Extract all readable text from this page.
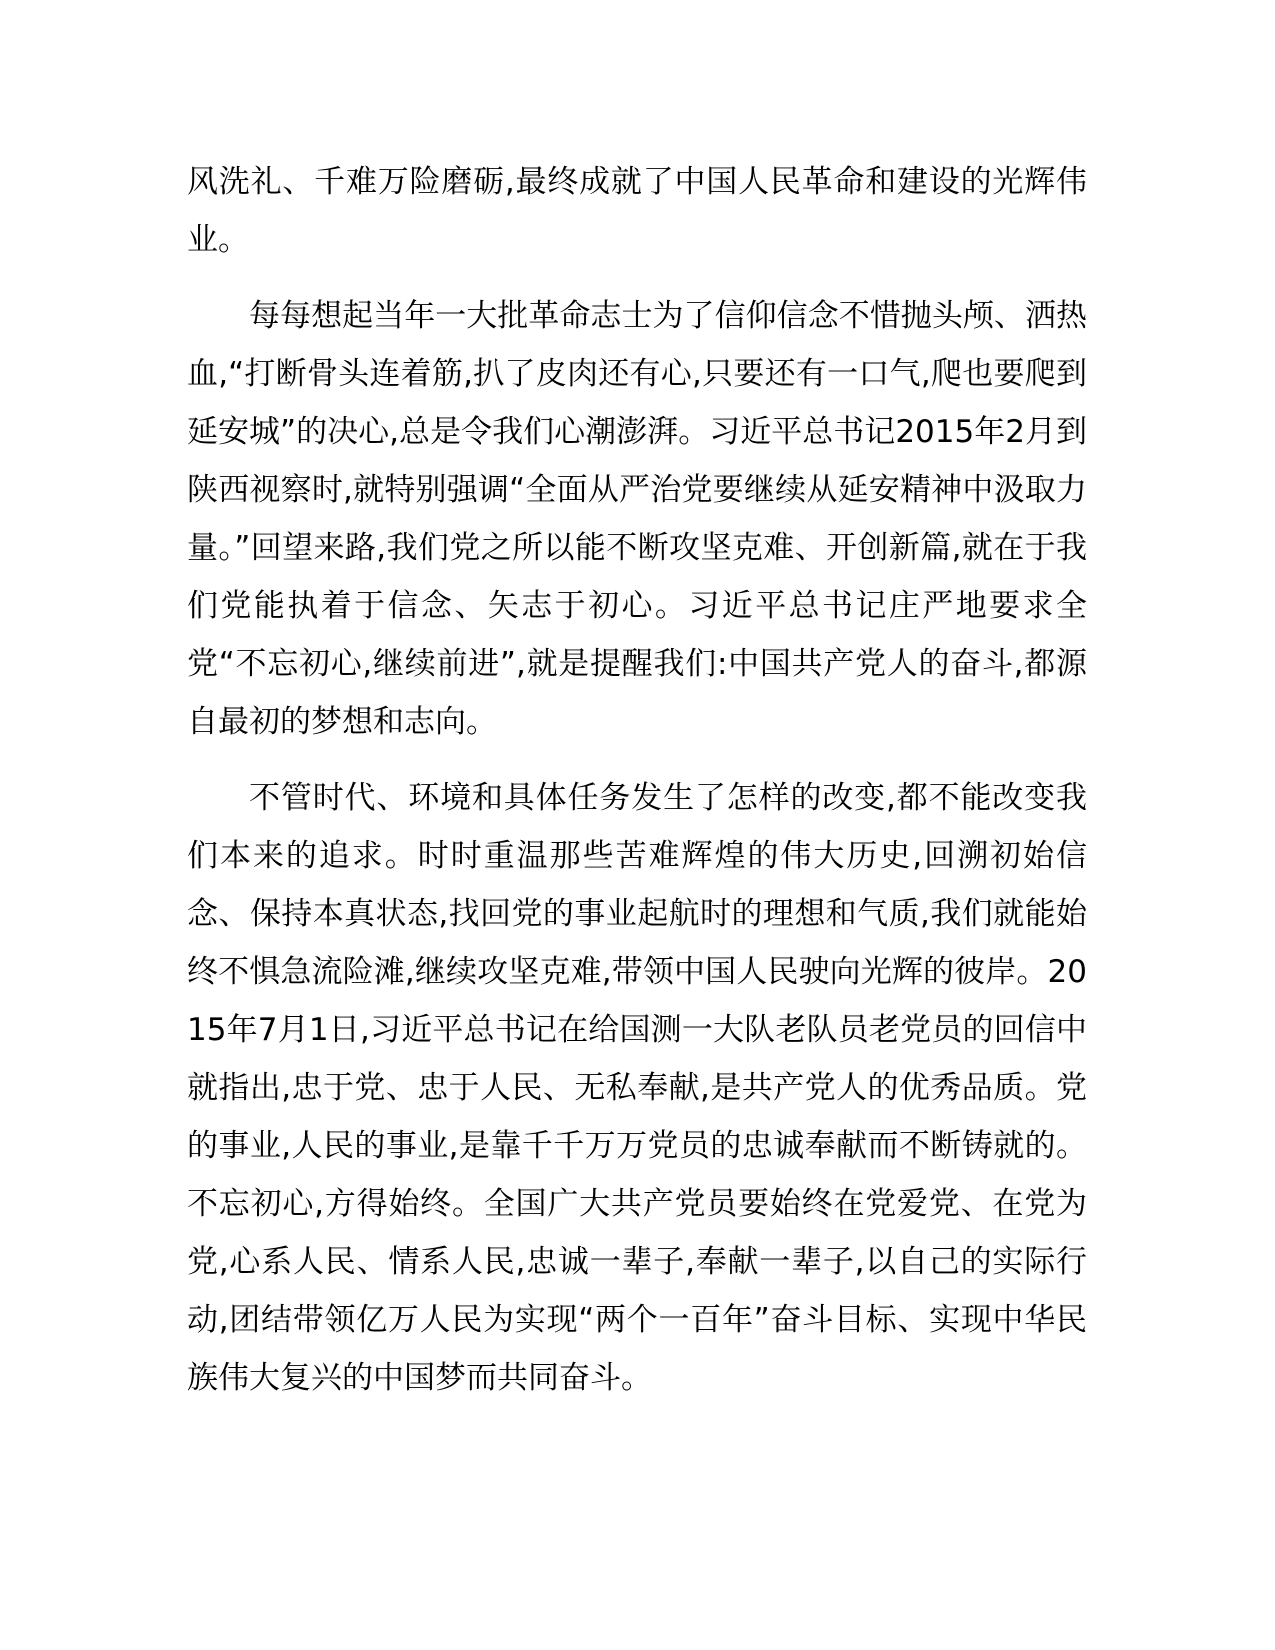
风洗礼、千难万险磨砺,最终成就了中国人民革命和建设的光辉伟业。

每每想起当年一大批革命志士为了信仰信念不惜抛头颅、洒热血,“打断骨头连着筋,扒了皮肉还有心,只要还有一口气,爬也要爬到延安城”的决心,总是令我们心潮澎湃。习近平总书记2015年2月到陕西视察时,就特别强调“全面从严治党要继续从延安精神中汲取力量。”回望来路,我们党之所以能不断攻坚克难、开创新篇,就在于我们党能执着于信念、矢志于初心。习近平总书记庄严地要求全党“不忘初心,继续前进”,就是提醒我们:中国共产党人的奋斗,都源自最初的梦想和志向。

不管时代、环境和具体任务发生了怎样的改变,都不能改变我们本来的追求。时时重温那些苦难辉煌的伟大历史,回溯初始信念、保持本真状态,找回党的事业起航时的理想和气质,我们就能始终不惧急流险滩,继续攻坚克难,带领中国人民驶向光辉的彼岸。2015年7月1日,习近平总书记在给国测一大队老队员老党员的回信中就指出,忠于党、忠于人民、无私奉献,是共产党人的优秀品质。党的事业,人民的事业,是靠千千万万党员的忠诚奉献而不断铸就的。不忘初心,方得始终。全国广大共产党员要始终在党爱党、在党为党,心系人民、情系人民,忠诚一辈子,奉献一辈子,以自己的实际行动,团结带领亿万人民为实现“两个一百年”奋斗目标、实现中华民族伟大复兴的中国梦而共同奋斗。
